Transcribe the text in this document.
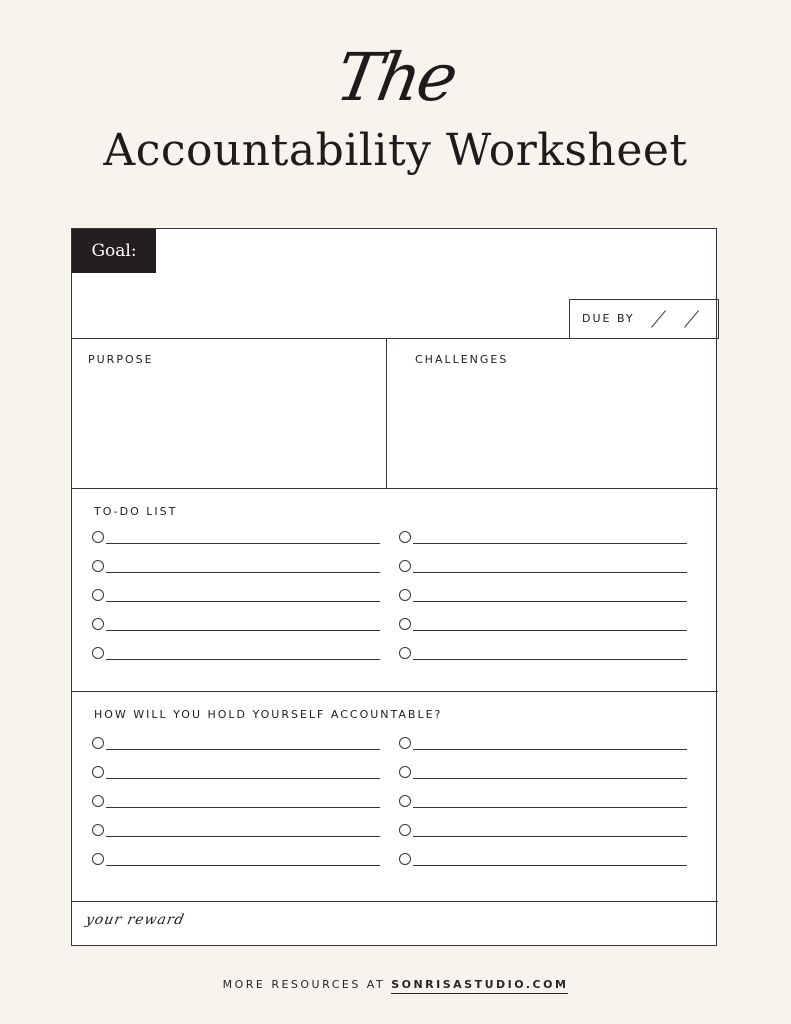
The
Accountability Worksheet
Goal:
DUE BY
PURPOSE	CHALLENGES
TO-DO LIST
HOW WILL YOU HOLD YOURSELF ACCOUNTABLE?
your reward
MORE RESOURCES AT SONRISASTUDIO.COM
